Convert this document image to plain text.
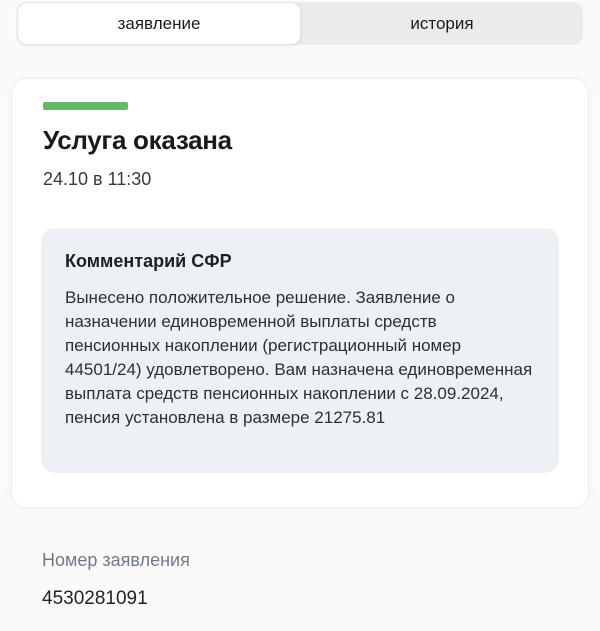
заявление	история
Услуга оказана
24.10 в 11:30
Комментарий СФР
Вынесено положительное решение. Заявление о назначении единовременной выплаты средств пенсионных накоплении (регистрационный номер 44501/24) удовлетворено. Вам назначена единовременная выплата средств пенсионных накоплении с 28.09.2024, пенсия установлена в размере 21275.81
Номер заявления
4530281091
